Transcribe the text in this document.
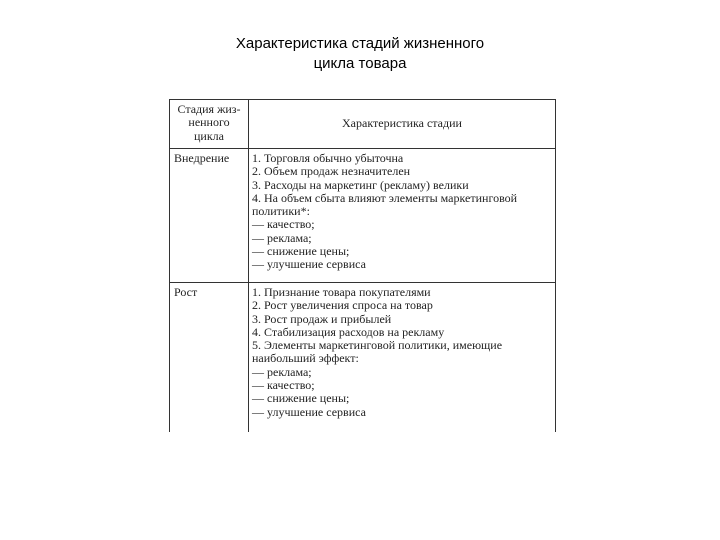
Характеристика стадий жизненного
цикла товара
Стадия жиз-
ненного
цикла
Характеристика стадии
Внедрение 1. Торговля обычно убыточна
2. Объем продаж незначителен
3. Расходы на маркетинг (рекламу) велики
4. На объем сбыта влияют элементы маркетинговой
политики*:
— качество;
— реклама;
— снижение цены;
— улучшение сервиса
Рост	1. Признание товара покупателями
2. Рост увеличения спроса на товар
3. Рост продаж и прибылей
4. Стабилизация расходов на рекламу
5. Элементы маркетинговой политики, имеющие
наибольший эффект:
— реклама;
— качество;
— снижение цены;
— улучшение сервиса
